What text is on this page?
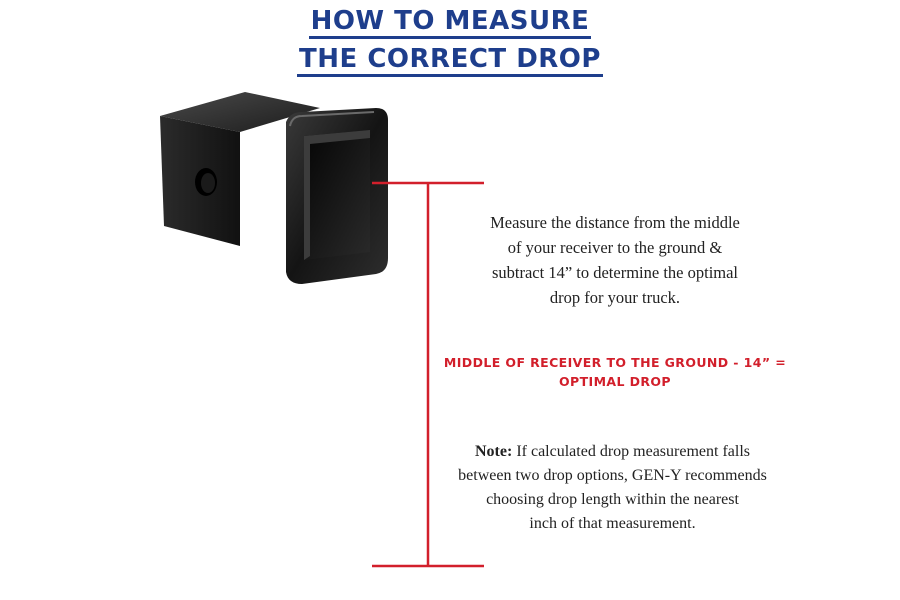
HOW TO MEASURE
THE CORRECT DROP
Measure the distance from the middle
of your receiver to the ground &
subtract 14” to determine the optimal
drop for your truck.
MIDDLE OF RECEIVER TO THE GROUND - 14” =
OPTIMAL DROP
Note: If calculated drop measurement falls
between two drop options, GEN-Y recommends
choosing drop length within the nearest
inch of that measurement.
